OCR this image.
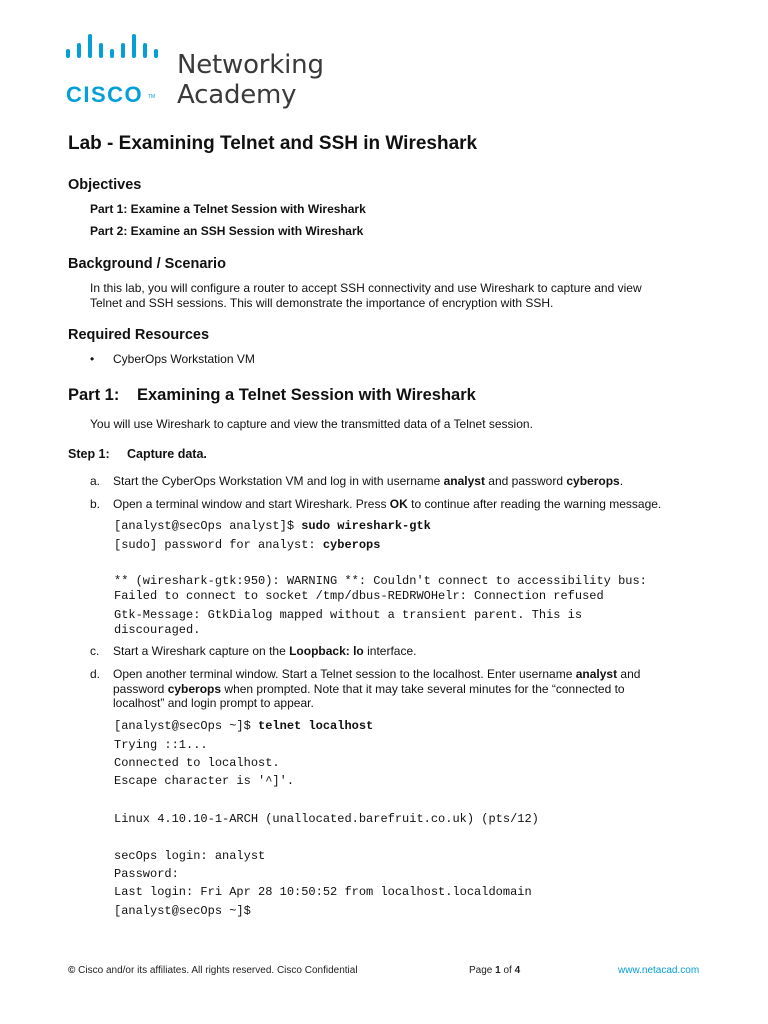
CISCO TM
Networking
Academy
Lab - Examining Telnet and SSH in Wireshark
Objectives
Part 1: Examine a Telnet Session with Wireshark
Part 2: Examine an SSH Session with Wireshark
Background / Scenario
In this lab, you will configure a router to accept SSH connectivity and use Wireshark to capture and view
Telnet and SSH sessions. This will demonstrate the importance of encryption with SSH.
Required Resources
• CyberOps Workstation VM
Part 1: Examining a Telnet Session with Wireshark
You will use Wireshark to capture and view the transmitted data of a Telnet session.
Step 1: Capture data.
a. Start the CyberOps Workstation VM and log in with username analyst and password cyberops.
b. Open a terminal window and start Wireshark. Press OK to continue after reading the warning message.
[analyst@secOps analyst]$ sudo wireshark-gtk
[sudo] password for analyst: cyberops
** (wireshark-gtk:950): WARNING **: Couldn't connect to accessibility bus:
Failed to connect to socket /tmp/dbus-REDRWOHelr: Connection refused
Gtk-Message: GtkDialog mapped without a transient parent. This is
discouraged.
c. Start a Wireshark capture on the Loopback: lo interface.
d. Open another terminal window. Start a Telnet session to the localhost. Enter username analyst and
password cyberops when prompted. Note that it may take several minutes for the “connected to
localhost” and login prompt to appear.
[analyst@secOps ~]$ telnet localhost
Trying ::1...
Connected to localhost.
Escape character is '^]'.
Linux 4.10.10-1-ARCH (unallocated.barefruit.co.uk) (pts/12)
secOps login: analyst
Password:
Last login: Fri Apr 28 10:50:52 from localhost.localdomain
[analyst@secOps ~]$
© Cisco and/or its affiliates. All rights reserved. Cisco Confidential	Page 1 of 4	www.netacad.com
